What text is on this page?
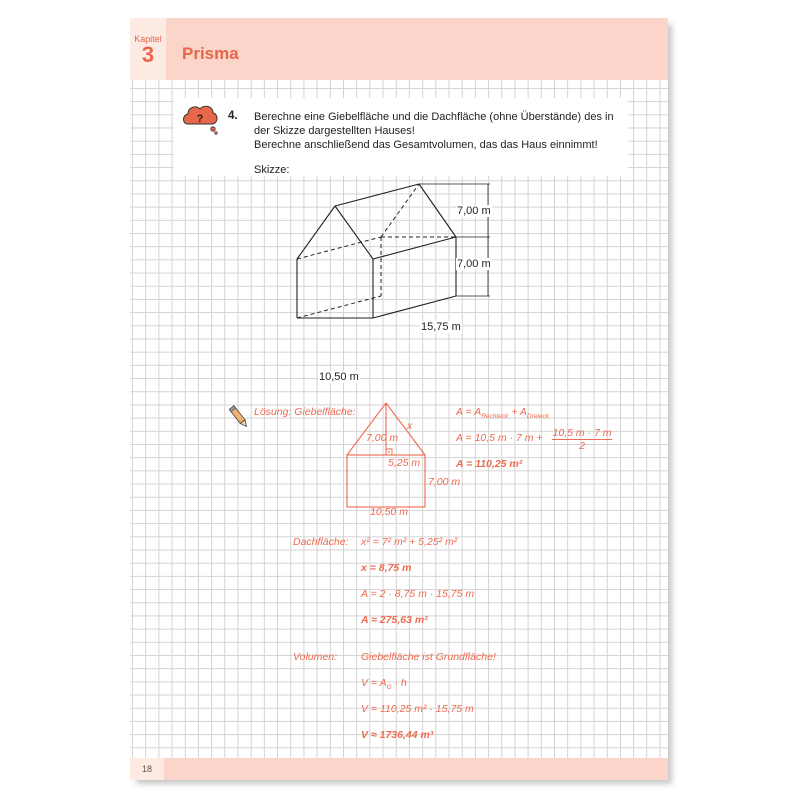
Kapitel
3	Prisma
? 4. Berechne eine Giebelfläche und die Dachfläche (ohne Überstände) des in der Skizze dargestellten Hauses!
Berechne anschließend das Gesamtvolumen, das das Haus einnimmt!
Skizze:
7,00 m
7,00 m
15,75 m
10,50 m
Lösung: Giebelfläche:
7,00 m
x
5,25 m
7,00 m
10,50 m
$A = A_{Rechteck} + A_{Dreieck}$
A = 10,5 m · 7 m + 10,5 m · 7 m
2
A = 110,25 m²
Dachfläche: x² = 7² m² + 5,25² m²
x = 8,75 m
A = 2 · 8,75 m · 15,75 m
A ≈ 275,63 m²
Volumen: Giebelfläche ist Grundfläche!
$V = A_G \cdot h$
V = 110,25 m² · 15,75 m
V ≈ 1736,44 m³
18
